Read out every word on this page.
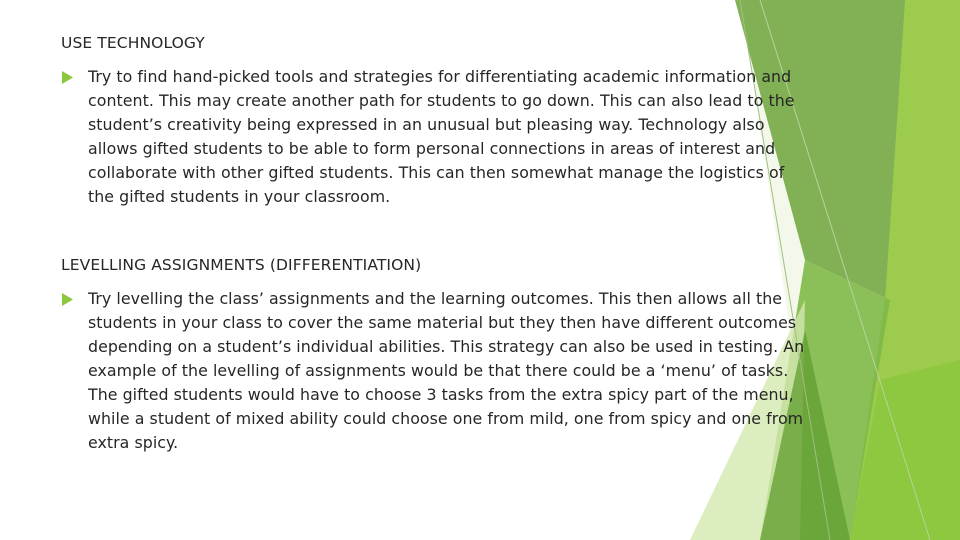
USE TECHNOLOGY
Try to find hand-picked tools and strategies for differentiating academic information and
content. This may create another path for students to go down. This can also lead to the
student’s creativity being expressed in an unusual but pleasing way. Technology also
allows gifted students to be able to form personal connections in areas of interest and
collaborate with other gifted students. This can then somewhat manage the logistics of
the gifted students in your classroom.
LEVELLING ASSIGNMENTS (DIFFERENTIATION)
Try levelling the class’ assignments and the learning outcomes. This then allows all the
students in your class to cover the same material but they then have different outcomes
depending on a student’s individual abilities. This strategy can also be used in testing. An
example of the levelling of assignments would be that there could be a ‘menu’ of tasks.
The gifted students would have to choose 3 tasks from the extra spicy part of the menu,
while a student of mixed ability could choose one from mild, one from spicy and one from
extra spicy.
